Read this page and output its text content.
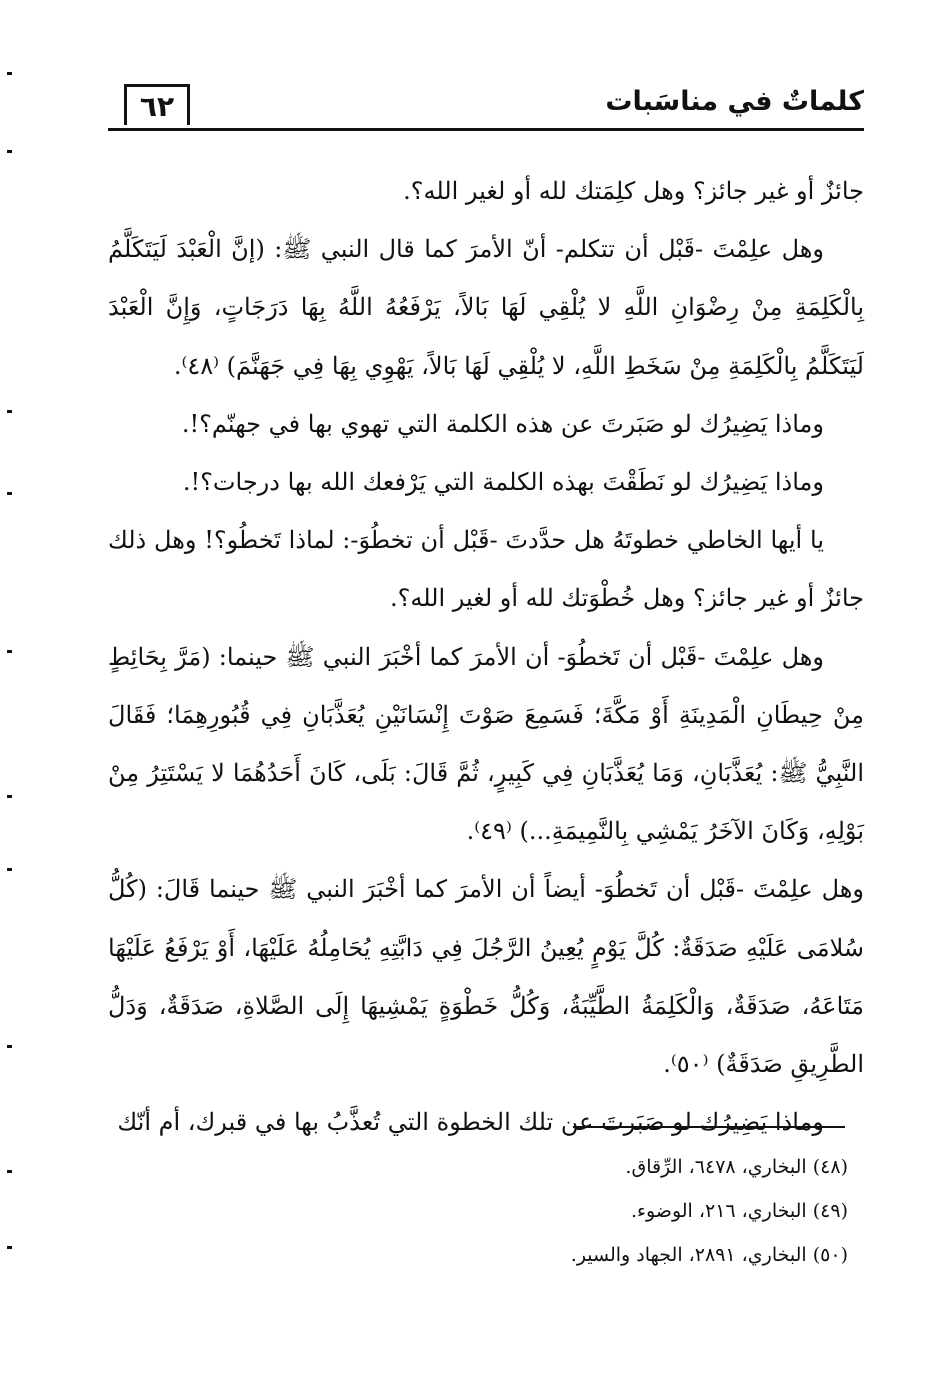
٦٢	كلماتٌ في مناسَبات

جائزٌ أو غير جائز؟ وهل كلِمَتك لله أو لغير الله؟.

وهل علِمْتَ -قَبْل أن تتكلم- أنّ الأمرَ كما قال النبي ﷺ: (إنَّ الْعَبْدَ لَيَتَكَلَّمُ بِالْكَلِمَةِ مِنْ رِضْوَانِ اللَّهِ لا يُلْقِي لَهَا بَالاً، يَرْفَعُهُ اللَّهُ بِهَا دَرَجَاتٍ، وَإِنَّ الْعَبْدَ لَيَتَكَلَّمُ بِالْكَلِمَةِ مِنْ سَخَطِ اللَّهِ، لا يُلْقِي لَهَا بَالاً، يَهْوِي بِهَا فِي جَهَنَّمَ) ⁽٤٨⁾.

وماذا يَضِيرُك لو صَبَرتَ عن هذه الكلمة التي تهوي بها في جهنّم؟!.

وماذا يَضِيرُك لو نَطَقْتَ بهذه الكلمة التي يَرْفعك الله بها درجات؟!.

يا أيها الخاطي خطوتَهُ هل حدَّدتَ -قَبْل أن تخطُوَ-: لماذا تَخطُو؟! وهل ذلك جائزٌ أو غير جائز؟ وهل خُطْوَتك لله أو لغير الله؟.

وهل علِمْتَ -قَبْل أن تَخطُوَ- أن الأمرَ كما أخْبَرَ النبي ﷺ حينما: (مَرَّ بِحَائِطٍ مِنْ حِيطَانِ الْمَدِينَةِ أَوْ مَكَّةَ؛ فَسَمِعَ صَوْتَ إِنْسَانَيْنِ يُعَذَّبَانِ فِي قُبُورِهِمَا؛ فَقَالَ النَّبِيُّ ﷺ: يُعَذَّبَانِ، وَمَا يُعَذَّبَانِ فِي كَبِيرٍ، ثُمَّ قَالَ: بَلَى، كَانَ أَحَدُهُمَا لا يَسْتَتِرُ مِنْ بَوْلِهِ، وَكَانَ الآخَرُ يَمْشِي بِالنَّمِيمَةِ...) ⁽٤٩⁾.

وهل علِمْتَ -قَبْل أن تَخطُوَ- أيضاً أن الأمرَ كما أخْبَرَ النبي ﷺ حينما قَالَ: (كُلُّ سُلامَى عَلَيْهِ صَدَقَةٌ: كُلَّ يَوْمٍ يُعِينُ الرَّجُلَ فِي دَابَّتِهِ يُحَامِلُهُ عَلَيْهَا، أَوْ يَرْفَعُ عَلَيْهَا مَتَاعَهُ، صَدَقَةٌ، وَالْكَلِمَةُ الطَّيِّبَةُ، وَكُلُّ خَطْوَةٍ يَمْشِيهَا إِلَى الصَّلاةِ، صَدَقَةٌ، وَدَلُّ الطَّرِيقِ صَدَقَةٌ) ⁽٥٠⁾.

وماذا يَضِيرُك لو صَبَرتَ عن تلك الخطوة التي تُعذَّبُ بها في قبرك، أم أنّك

(٤٨) البخاري، ٦٤٧٨، الرِّقاق.
(٤٩) البخاري، ٢١٦، الوضوء.
(٥٠) البخاري، ٢٨٩١، الجهاد والسير.
